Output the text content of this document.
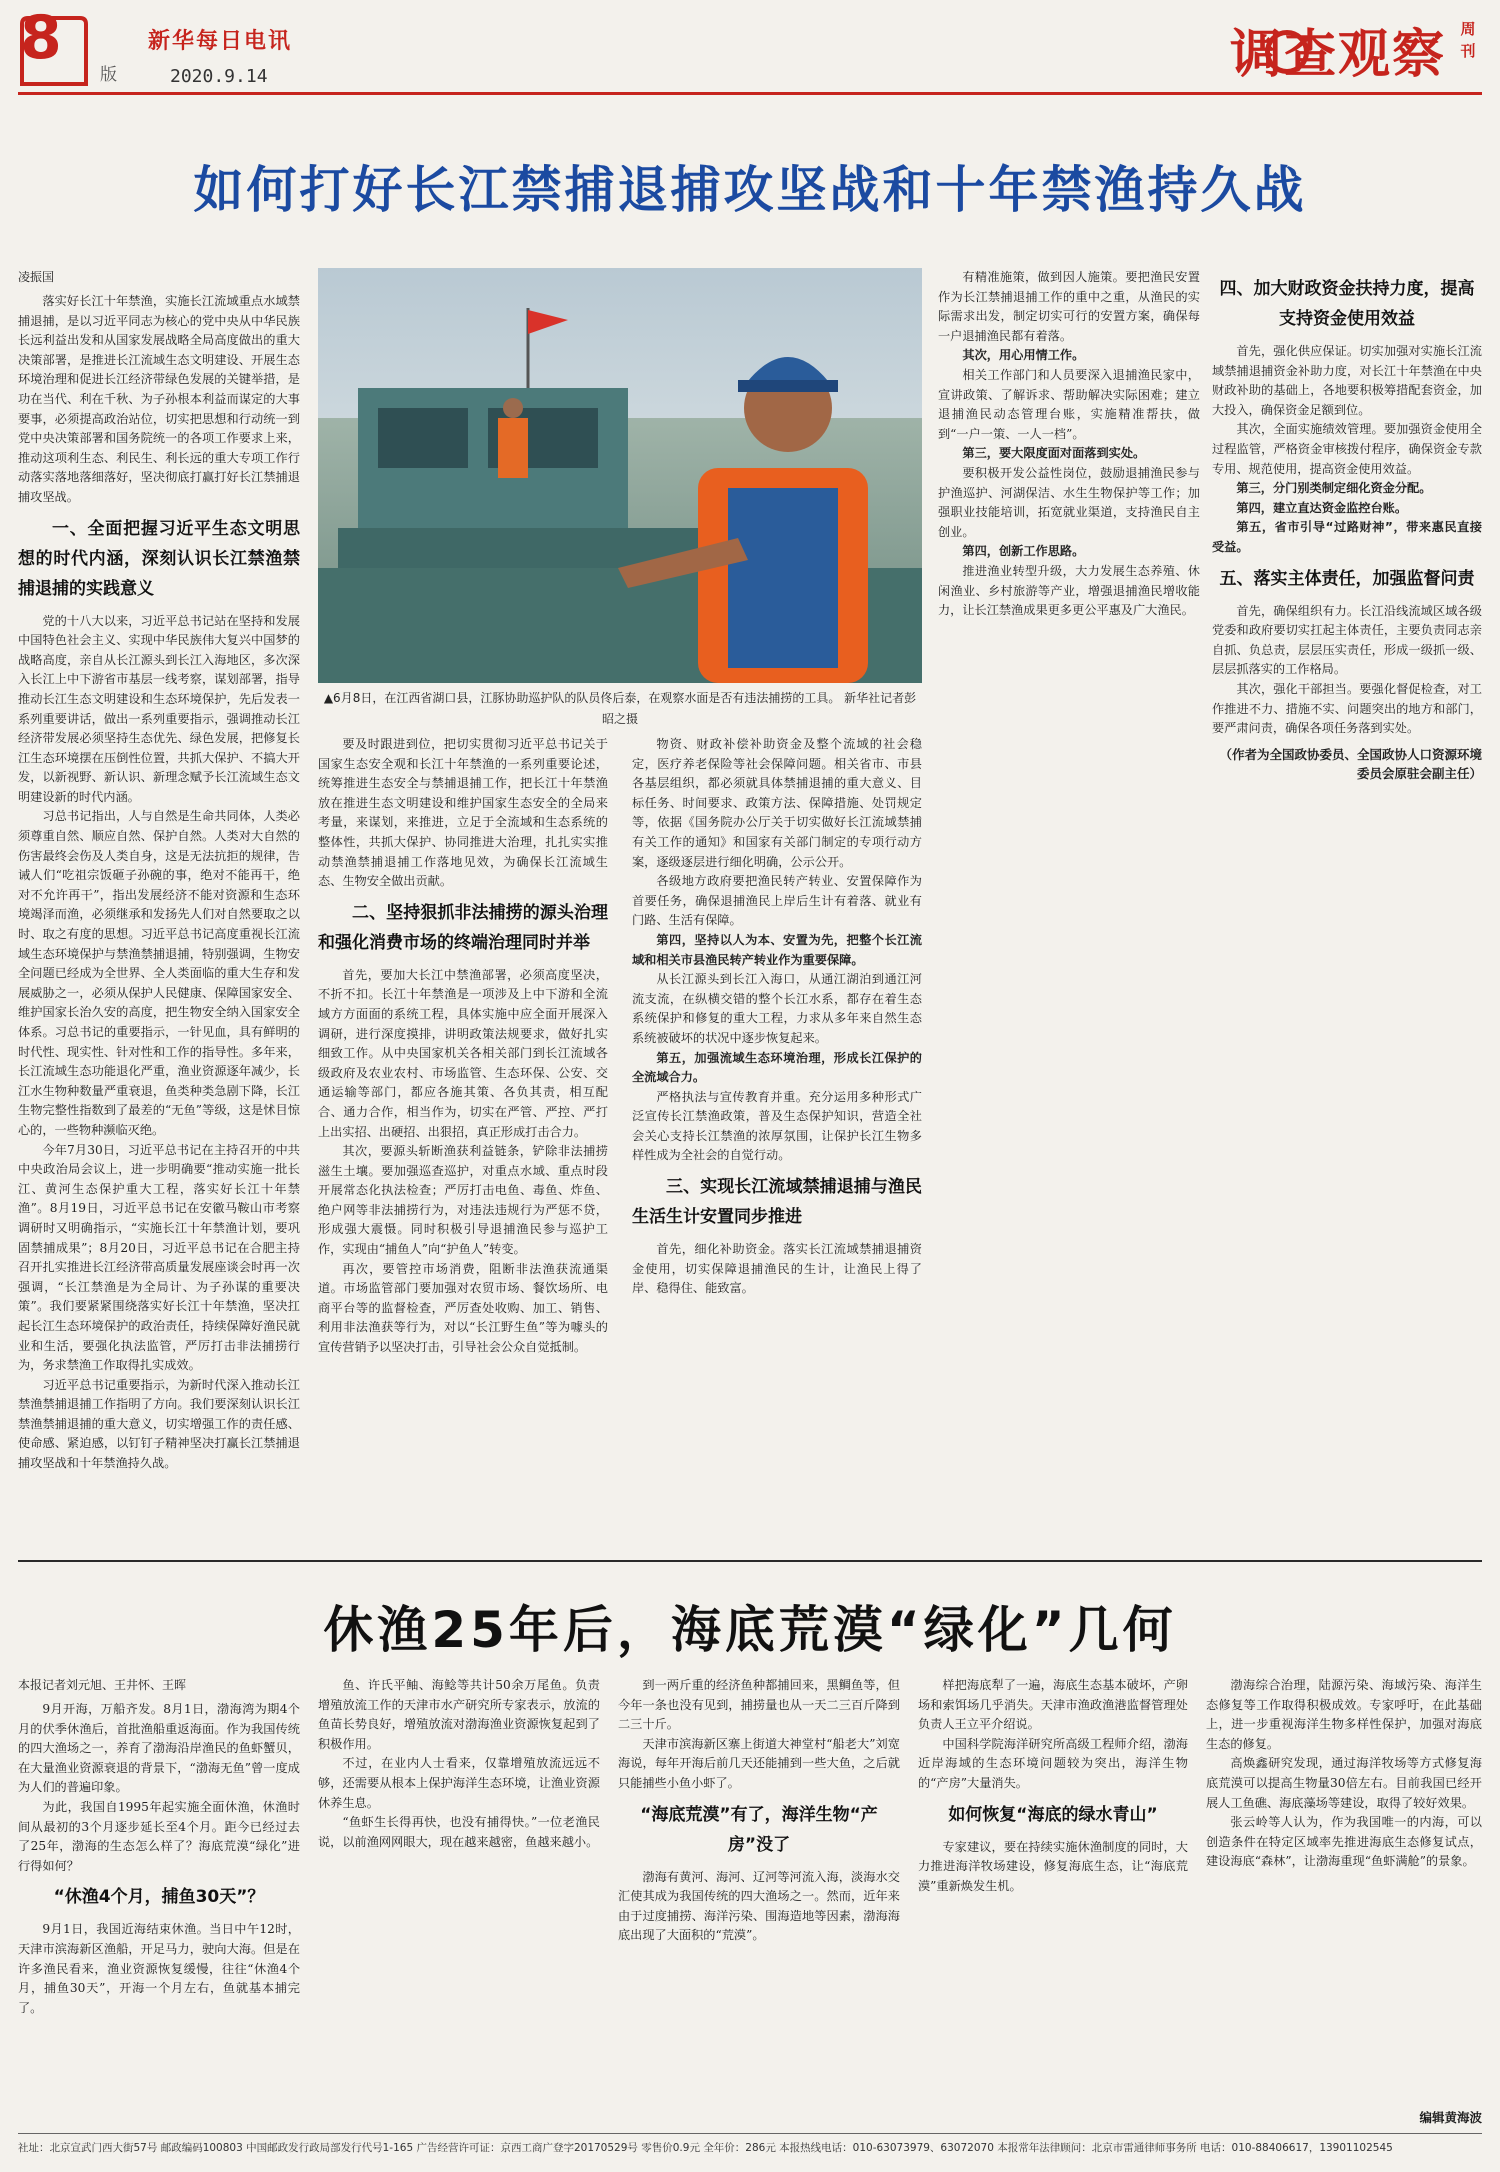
8
版
新华每日电讯
2020.9.14	调查观察 周刊
如何打好长江禁捕退捕攻坚战和十年禁渔持久战
凌振国

落实好长江十年禁渔，实施长江流域重点水域禁捕退捕，是以习近平同志为核心的党中央从中华民族长远利益出发和从国家发展战略全局高度做出的重大决策部署，是推进长江流域生态文明建设、开展生态环境治理和促进长江经济带绿色发展的关键举措，是功在当代、利在千秋、为子孙根本利益而谋定的大事要事，必须提高政治站位，切实把思想和行动统一到党中央决策部署和国务院统一的各项工作要求上来，推动这项利生态、利民生、利长远的重大专项工作行动落实落地落细落好，坚决彻底打赢打好长江禁捕退捕攻坚战。

一、全面把握习近平生态文明思想的时代内涵，深刻认识长江禁渔禁捕退捕的实践意义

党的十八大以来，习近平总书记站在坚持和发展中国特色社会主义、实现中华民族伟大复兴中国梦的战略高度，亲自从长江源头到长江入海地区，多次深入长江上中下游省市基层一线考察，谋划部署，指导推动长江生态文明建设和生态环境保护，先后发表一系列重要讲话，做出一系列重要指示，强调推动长江经济带发展必须坚持生态优先、绿色发展，把修复长江生态环境摆在压倒性位置，共抓大保护、不搞大开发，以新视野、新认识、新理念赋予长江流域生态文明建设新的时代内涵。

习总书记指出，人与自然是生命共同体，人类必须尊重自然、顺应自然、保护自然。人类对大自然的伤害最终会伤及人类自身，这是无法抗拒的规律，告诫人们“吃祖宗饭砸子孙碗的事，绝对不能再干，绝对不允许再干”，指出发展经济不能对资源和生态环境竭泽而渔，必须继承和发扬先人们对自然要取之以时、取之有度的思想。习近平总书记高度重视长江流域生态环境保护与禁渔禁捕退捕，特别强调，生物安全问题已经成为全世界、全人类面临的重大生存和发展威胁之一，必须从保护人民健康、保障国家安全、维护国家长治久安的高度，把生物安全纳入国家安全体系。习总书记的重要指示，一针见血，具有鲜明的时代性、现实性、针对性和工作的指导性。多年来，长江流域生态功能退化严重，渔业资源逐年减少，长江水生物种数量严重衰退，鱼类种类急剧下降，长江生物完整性指数到了最差的“无鱼”等级，这是怵目惊心的，一些物种濒临灭绝。

今年7月30日，习近平总书记在主持召开的中共中央政治局会议上，进一步明确要“推动实施一批长江、黄河生态保护重大工程，落实好长江十年禁渔”。8月19日，习近平总书记在安徽马鞍山市考察调研时又明确指示，“实施长江十年禁渔计划，要巩固禁捕成果”；8月20日，习近平总书记在合肥主持召开扎实推进长江经济带高质量发展座谈会时再一次强调，“长江禁渔是为全局计、为子孙谋的重要决策”。我们要紧紧围绕落实好长江十年禁渔，坚决扛起长江生态环境保护的政治责任，持续保障好渔民就业和生活，要强化执法监管，严厉打击非法捕捞行为，务求禁渔工作取得扎实成效。

习近平总书记重要指示，为新时代深入推动长江禁渔禁捕退捕工作指明了方向。我们要深刻认识长江禁渔禁捕退捕的重大意义，切实增强工作的责任感、使命感、紧迫感，以钉钉子精神坚决打赢长江禁捕退捕攻坚战和十年禁渔持久战。

▲6月8日，在江西省湖口县，江豚协助巡护队的队员佟后泰，在观察水面是否有违法捕捞的工具。 新华社记者彭昭之摄

要及时跟进到位，把切实贯彻习近平总书记关于国家生态安全观和长江十年禁渔的一系列重要论述，统筹推进生态安全与禁捕退捕工作，把长江十年禁渔放在推进生态文明建设和维护国家生态安全的全局来考量，来谋划，来推进，立足于全流域和生态系统的整体性，共抓大保护、协同推进大治理，扎扎实实推动禁渔禁捕退捕工作落地见效，为确保长江流域生态、生物安全做出贡献。

二、坚持狠抓非法捕捞的源头治理和强化消费市场的终端治理同时并举

首先，要加大长江中禁渔部署，必须高度坚决，不折不扣。长江十年禁渔是一项涉及上中下游和全流域方方面面的系统工程，具体实施中应全面开展深入调研，进行深度摸排，讲明政策法规要求，做好扎实细致工作。从中央国家机关各相关部门到长江流域各级政府及农业农村、市场监管、生态环保、公安、交通运输等部门，都应各施其策、各负其责，相互配合、通力合作，相当作为，切实在严管、严控、严打上出实招、出硬招、出狠招，真正形成打击合力。

其次，要源头斩断渔获利益链条，铲除非法捕捞滋生土壤。要加强巡查巡护，对重点水域、重点时段开展常态化执法检查；严厉打击电鱼、毒鱼、炸鱼、绝户网等非法捕捞行为，对违法违规行为严惩不贷，形成强大震慑。同时积极引导退捕渔民参与巡护工作，实现由“捕鱼人”向“护鱼人”转变。

再次，要管控市场消费，阻断非法渔获流通渠道。市场监管部门要加强对农贸市场、餐饮场所、电商平台等的监督检查，严厉查处收购、加工、销售、利用非法渔获等行为，对以“长江野生鱼”等为噱头的宣传营销予以坚决打击，引导社会公众自觉抵制。

物资、财政补偿补助资金及整个流域的社会稳定，医疗养老保险等社会保障问题。相关省市、市县各基层组织，都必须就具体禁捕退捕的重大意义、目标任务、时间要求、政策方法、保障措施、处罚规定等，依据《国务院办公厅关于切实做好长江流域禁捕有关工作的通知》和国家有关部门制定的专项行动方案，逐级逐层进行细化明确，公示公开。

各级地方政府要把渔民转产转业、安置保障作为首要任务，确保退捕渔民上岸后生计有着落、就业有门路、生活有保障。

第四，坚持以人为本、安置为先，把整个长江流域和相关市县渔民转产转业作为重要保障。

从长江源头到长江入海口，从通江湖泊到通江河流支流，在纵横交错的整个长江水系，都存在着生态系统保护和修复的重大工程，力求从多年来自然生态系统被破坏的状况中逐步恢复起来。

第五，加强流域生态环境治理，形成长江保护的全流域合力。

严格执法与宣传教育并重。充分运用多种形式广泛宣传长江禁渔政策，普及生态保护知识，营造全社会关心支持长江禁渔的浓厚氛围，让保护长江生物多样性成为全社会的自觉行动。

三、实现长江流域禁捕退捕与渔民生活生计安置同步推进

首先，细化补助资金。落实长江流域禁捕退捕资金使用，切实保障退捕渔民的生计，让渔民上得了岸、稳得住、能致富。

有精准施策，做到因人施策。要把渔民安置作为长江禁捕退捕工作的重中之重，从渔民的实际需求出发，制定切实可行的安置方案，确保每一户退捕渔民都有着落。

其次，用心用情工作。

相关工作部门和人员要深入退捕渔民家中，宣讲政策、了解诉求、帮助解决实际困难；建立退捕渔民动态管理台账，实施精准帮扶，做到“一户一策、一人一档”。

第三，要大限度面对面落到实处。

要积极开发公益性岗位，鼓励退捕渔民参与护渔巡护、河湖保洁、水生生物保护等工作；加强职业技能培训，拓宽就业渠道，支持渔民自主创业。

第四，创新工作思路。

推进渔业转型升级，大力发展生态养殖、休闲渔业、乡村旅游等产业，增强退捕渔民增收能力，让长江禁渔成果更多更公平惠及广大渔民。

四、加大财政资金扶持力度，提高支持资金使用效益

首先，强化供应保证。切实加强对实施长江流域禁捕退捕资金补助力度，对长江十年禁渔在中央财政补助的基础上，各地要积极筹措配套资金，加大投入，确保资金足额到位。

其次，全面实施绩效管理。要加强资金使用全过程监管，严格资金审核拨付程序，确保资金专款专用、规范使用，提高资金使用效益。

第三，分门别类制定细化资金分配。

第四，建立直达资金监控台账。

第五，省市引导“过路财神”，带来惠民直接受益。

五、落实主体责任，加强监督问责

首先，确保组织有力。长江沿线流域区域各级党委和政府要切实扛起主体责任，主要负责同志亲自抓、负总责，层层压实责任，形成一级抓一级、层层抓落实的工作格局。

其次，强化干部担当。要强化督促检查，对工作推进不力、措施不实、问题突出的地方和部门，要严肃问责，确保各项任务落到实处。

（作者为全国政协委员、全国政协人口资源环境委员会原驻会副主任）
休渔25年后，海底荒漠“绿化”几何
本报记者刘元旭、王井怀、王晖

9月开海，万船齐发。8月1日，渤海湾为期4个月的伏季休渔后，首批渔船重返海面。作为我国传统的四大渔场之一，养育了渤海沿岸渔民的鱼虾蟹贝，在大量渔业资源衰退的背景下，“渤海无鱼”曾一度成为人们的普遍印象。

为此，我国自1995年起实施全面休渔，休渔时间从最初的3个月逐步延长至4个月。距今已经过去了25年，渤海的生态怎么样了？海底荒漠“绿化”进行得如何？

“休渔4个月，捕鱼30天”？

9月1日，我国近海结束休渔。当日中午12时，天津市滨海新区渔船，开足马力，驶向大海。但是在许多渔民看来，渔业资源恢复缓慢，往往“休渔4个月，捕鱼30天”，开海一个月左右，鱼就基本捕完了。

鱼、许氏平鲉、海鲶等共计50余万尾鱼。负责增殖放流工作的天津市水产研究所专家表示，放流的鱼苗长势良好，增殖放流对渤海渔业资源恢复起到了积极作用。

不过，在业内人士看来，仅靠增殖放流远远不够，还需要从根本上保护海洋生态环境，让渔业资源休养生息。

“鱼虾生长得再快，也没有捕得快。”一位老渔民说，以前渔网网眼大，现在越来越密，鱼越来越小。

到一两斤重的经济鱼种都捕回来，黑鲷鱼等，但今年一条也没有见到，捕捞量也从一天二三百斤降到二三十斤。

天津市滨海新区寨上街道大神堂村“船老大”刘宽海说，每年开海后前几天还能捕到一些大鱼，之后就只能捕些小鱼小虾了。

“海底荒漠”有了，海洋生物“产房”没了

渤海有黄河、海河、辽河等河流入海，淡海水交汇使其成为我国传统的四大渔场之一。然而，近年来由于过度捕捞、海洋污染、围海造地等因素，渤海海底出现了大面积的“荒漠”。

样把海底犁了一遍，海底生态基本破坏，产卵场和索饵场几乎消失。天津市渔政渔港监督管理处负责人王立平介绍说。

中国科学院海洋研究所高级工程师介绍，渤海近岸海域的生态环境问题较为突出，海洋生物的“产房”大量消失。

如何恢复“海底的绿水青山”

专家建议，要在持续实施休渔制度的同时，大力推进海洋牧场建设，修复海底生态，让“海底荒漠”重新焕发生机。

渤海综合治理，陆源污染、海域污染、海洋生态修复等工作取得积极成效。专家呼吁，在此基础上，进一步重视海洋生物多样性保护，加强对海底生态的修复。

高焕鑫研究发现，通过海洋牧场等方式修复海底荒漠可以提高生物量30倍左右。目前我国已经开展人工鱼礁、海底藻场等建设，取得了较好效果。

张云岭等人认为，作为我国唯一的内海，可以创造条件在特定区域率先推进海底生态修复试点，建设海底“森林”，让渤海重现“鱼虾满舱”的景象。

编辑黄海波
社址：北京宣武门西大街57号 邮政编码100803 中国邮政发行政局部发行代号1-165 广告经营许可证：京西工商广登字20170529号 零售价0.9元 全年价：286元 本报热线电话：010-63073979、63072070 本报常年法律顾问：北京市雷通律师事务所 电话：010-88406617，13901102545
